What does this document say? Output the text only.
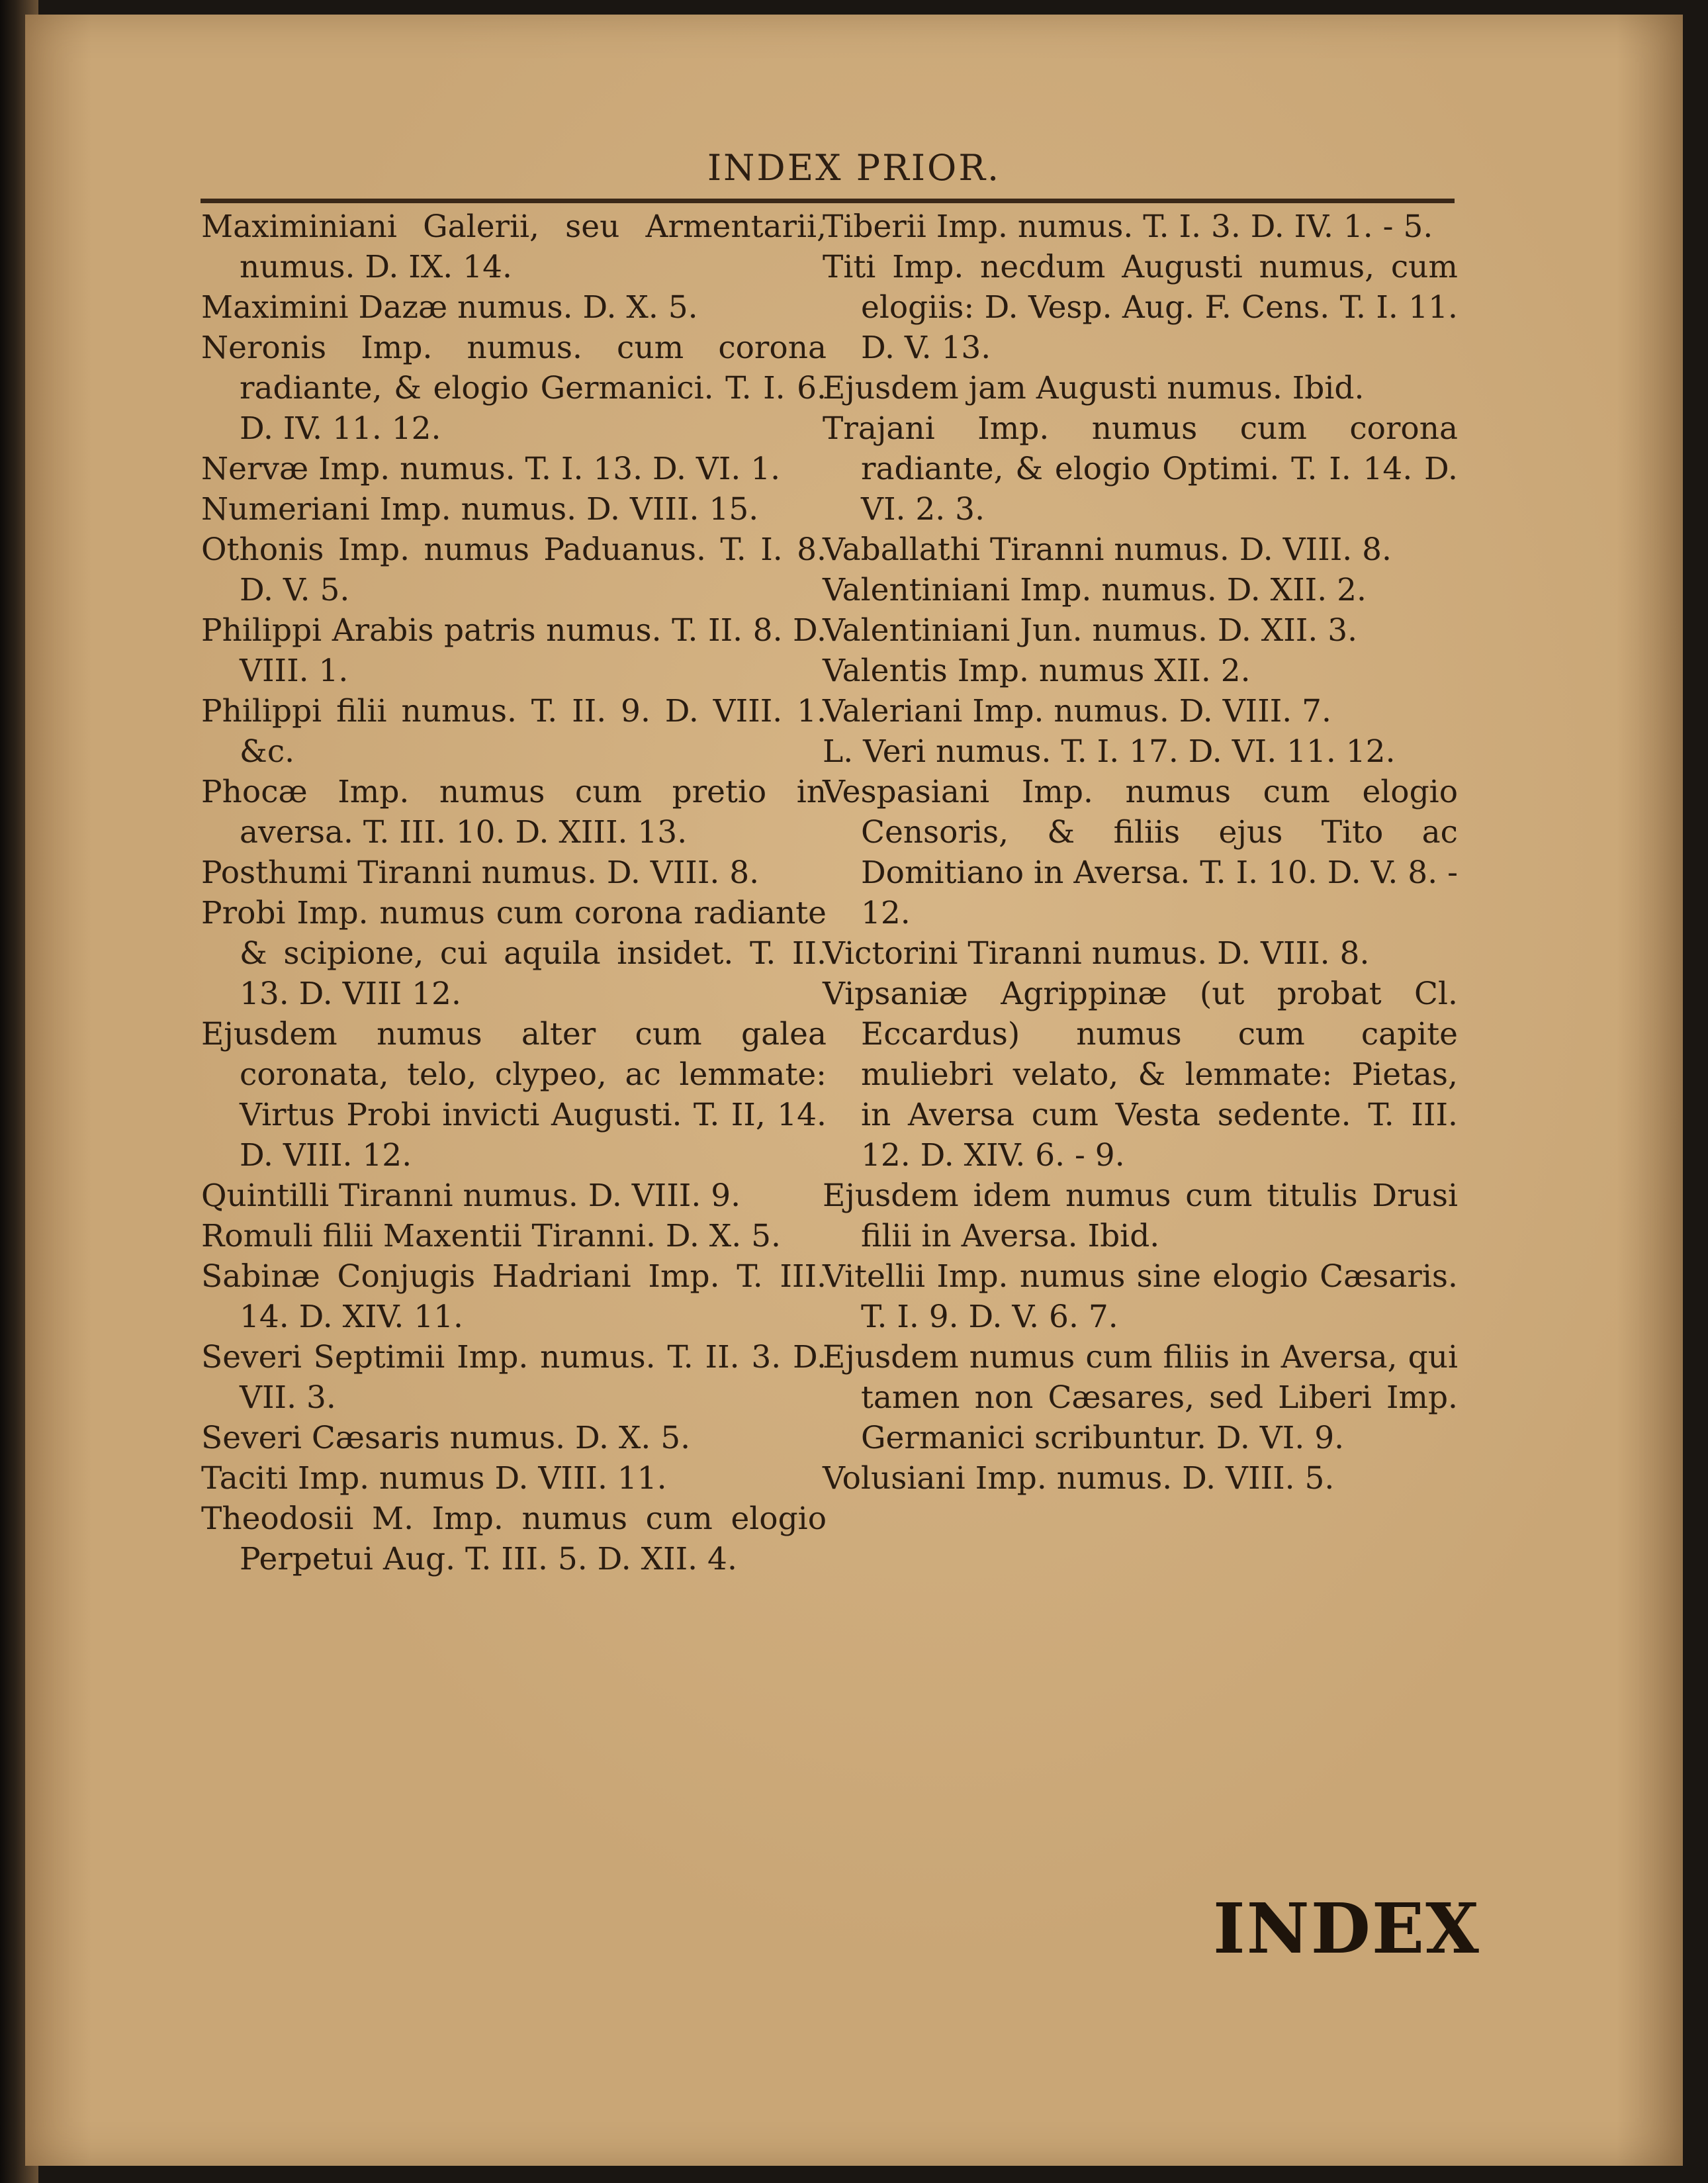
INDEX PRIOR.
Maximiniani Galerii, seu Armentarii, numus. D. IX. 14.
Maximini Dazæ numus. D. X. 5.
Neronis Imp. numus. cum corona radiante, & elogio Germanici. T. I. 6. D. IV. 11. 12.
Nervæ Imp. numus. T. I. 13. D. VI. 1.
Numeriani Imp. numus. D. VIII. 15.
Othonis Imp. numus Paduanus. T. I. 8. D. V. 5.
Philippi Arabis patris numus. T. II. 8. D. VIII. 1.
Philippi filii numus. T. II. 9. D. VIII. 1. &c.
Phocæ Imp. numus cum pretio in aversa. T. III. 10. D. XIII. 13.
Posthumi Tiranni numus. D. VIII. 8.
Probi Imp. numus cum corona radiante & scipione, cui aquila insidet. T. II. 13. D. VIII 12.
Ejusdem numus alter cum galea coronata, telo, clypeo, ac lemmate: Virtus Probi invicti Augusti. T. II, 14. D. VIII. 12.
Quintilli Tiranni numus. D. VIII. 9.
Romuli filii Maxentii Tiranni. D. X. 5.
Sabinæ Conjugis Hadriani Imp. T. III. 14. D. XIV. 11.
Severi Septimii Imp. numus. T. II. 3. D. VII. 3.
Severi Cæsaris numus. D. X. 5.
Taciti Imp. numus D. VIII. 11.
Theodosii M. Imp. numus cum elogio Perpetui Aug. T. III. 5. D. XII. 4.
Tiberii Imp. numus. T. I. 3. D. IV. 1. - 5.
Titi Imp. necdum Augusti numus, cum elogiis: D. Vesp. Aug. F. Cens. T. I. 11. D. V. 13.
Ejusdem jam Augusti numus. Ibid.
Trajani Imp. numus cum corona radiante, & elogio Optimi. T. I. 14. D. VI. 2. 3.
Vaballathi Tiranni numus. D. VIII. 8.
Valentiniani Imp. numus. D. XII. 2.
Valentiniani Jun. numus. D. XII. 3.
Valentis Imp. numus XII. 2.
Valeriani Imp. numus. D. VIII. 7.
L. Veri numus. T. I. 17. D. VI. 11. 12.
Vespasiani Imp. numus cum elogio Censoris, & filiis ejus Tito ac Domitiano in Aversa. T. I. 10. D. V. 8. - 12.
Victorini Tiranni numus. D. VIII. 8.
Vipsaniæ Agrippinæ (ut probat Cl. Eccardus) numus cum capite muliebri velato, & lemmate: Pietas, in Aversa cum Vesta sedente. T. III. 12. D. XIV. 6. - 9.
Ejusdem idem numus cum titulis Drusi filii in Aversa. Ibid.
Vitellii Imp. numus sine elogio Cæsaris. T. I. 9. D. V. 6. 7.
Ejusdem numus cum filiis in Aversa, qui tamen non Cæsares, sed Liberi Imp. Germanici scribuntur. D. VI. 9.
Volusiani Imp. numus. D. VIII. 5.
INDEX
